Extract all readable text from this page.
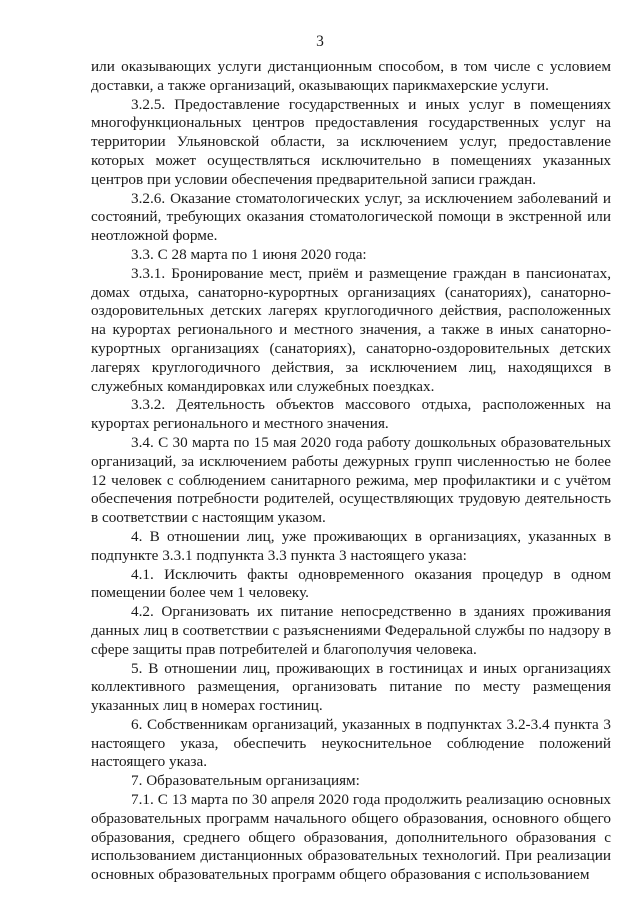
3

или оказывающих услуги дистанционным способом, в том числе с условием доставки, а также организаций, оказывающих парикмахерские услуги.

3.2.5. Предоставление государственных и иных услуг в помещениях многофункциональных центров предоставления государственных услуг на территории Ульяновской области, за исключением услуг, предоставление которых может осуществляться исключительно в помещениях указанных центров при условии обеспечения предварительной записи граждан.

3.2.6. Оказание стоматологических услуг, за исключением заболеваний и состояний, требующих оказания стоматологической помощи в экстренной или неотложной форме.

3.3. С 28 марта по 1 июня 2020 года:

3.3.1. Бронирование мест, приём и размещение граждан в пансионатах, домах отдыха, санаторно-курортных организациях (санаториях), санаторно-оздоровительных детских лагерях круглогодичного действия, расположенных на курортах регионального и местного значения, а также в иных санаторно-курортных организациях (санаториях), санаторно-оздоровительных детских лагерях круглогодичного действия, за исключением лиц, находящихся в служебных командировках или служебных поездках.

3.3.2. Деятельность объектов массового отдыха, расположенных на курортах регионального и местного значения.

3.4. С 30 марта по 15 мая 2020 года работу дошкольных образовательных организаций, за исключением работы дежурных групп численностью не более 12 человек с соблюдением санитарного режима, мер профилактики и с учётом обеспечения потребности родителей, осуществляющих трудовую деятельность в соответствии с настоящим указом.

4. В отношении лиц, уже проживающих в организациях, указанных в подпункте 3.3.1 подпункта 3.3 пункта 3 настоящего указа:

4.1. Исключить факты одновременного оказания процедур в одном помещении более чем 1 человеку.

4.2. Организовать их питание непосредственно в зданиях проживания данных лиц в соответствии с разъяснениями Федеральной службы по надзору в сфере защиты прав потребителей и благополучия человека.

5. В отношении лиц, проживающих в гостиницах и иных организациях коллективного размещения, организовать питание по месту размещения указанных лиц в номерах гостиниц.

6. Собственникам организаций, указанных в подпунктах 3.2-3.4 пункта 3 настоящего указа, обеспечить неукоснительное соблюдение положений настоящего указа.

7. Образовательным организациям:

7.1. С 13 марта по 30 апреля 2020 года продолжить реализацию основных образовательных программ начального общего образования, основного общего образования, среднего общего образования, дополнительного образования с использованием дистанционных образовательных технологий. При реализации основных образовательных программ общего образования с использованием
